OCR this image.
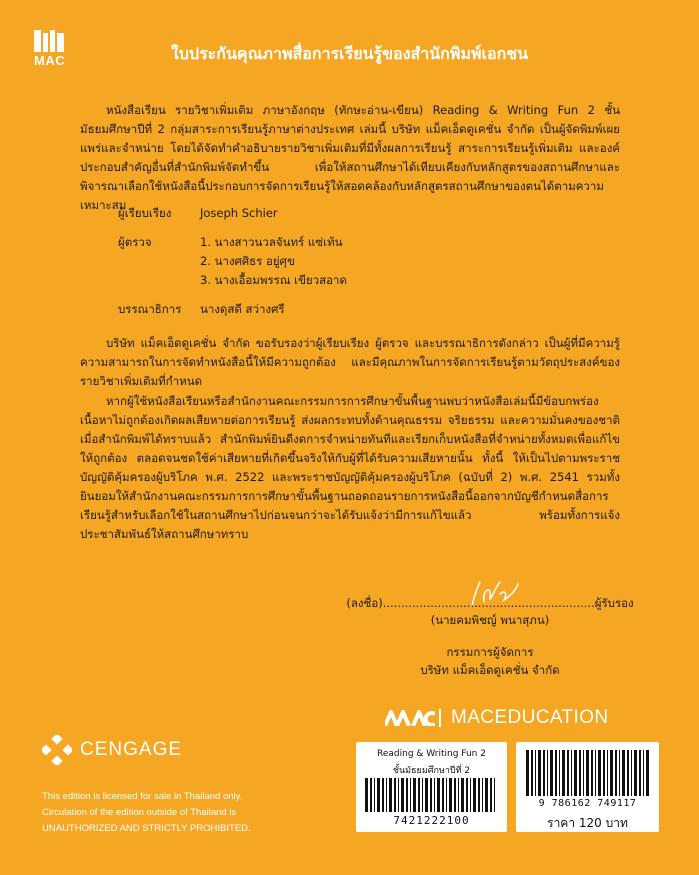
MAC	ใบประกันคุณภาพสื่อการเรียนรู้ของสำนักพิมพ์เอกชน
หนังสือเรียน รายวิชาเพิ่มเติม ภาษาอังกฤษ (ทักษะอ่าน-เขียน) Reading & Writing Fun 2 ชั้นมัธยมศึกษาปีที่ 2 กลุ่มสาระการเรียนรู้ภาษาต่างประเทศ เล่มนี้ บริษัท แม็คเอ็ดดูเคชั่น จำกัด เป็นผู้จัดพิมพ์เผยแพร่และจำหน่าย โดยได้จัดทำคำอธิบายรายวิชาเพิ่มเติมที่มีทั้งผลการเรียนรู้ สาระการเรียนรู้เพิ่มเติม และองค์ประกอบสำคัญอื่นที่สำนักพิมพ์จัดทำขึ้น เพื่อให้สถานศึกษาได้เทียบเคียงกับหลักสูตรของสถานศึกษาและพิจารณาเลือกใช้หนังสือนี้ประกอบการจัดการเรียนรู้ให้สอดคล้องกับหลักสูตรสถานศึกษาของตนได้ตามความเหมาะสม
ผู้เรียบเรียง	Joseph Schier
ผู้ตรวจ	1. นางสาวนวลจันทร์ แซ่เท้น
2. นางศศิธร อยู่ศุข
3. นางเอื้อมพรรณ เขียวสอาด
บรรณาธิการ	นางดุสดี สว่างศรี
บริษัท แม็คเอ็ดดูเคชั่น จำกัด ขอรับรองว่าผู้เรียบเรียง ผู้ตรวจ และบรรณาธิการดังกล่าว เป็นผู้ที่มีความรู้ความสามารถในการจัดทำหนังสือนี้ให้มีความถูกต้อง และมีคุณภาพในการจัดการเรียนรู้ตามวัตถุประสงค์ของรายวิชาเพิ่มเติมที่กำหนด
หากผู้ใช้หนังสือเรียนหรือสำนักงานคณะกรรมการการศึกษาขั้นพื้นฐานพบว่าหนังสือเล่มนี้มีข้อบกพร่อง เนื้อหาไม่ถูกต้องเกิดผลเสียหายต่อการเรียนรู้ ส่งผลกระทบทั้งด้านคุณธรรม จริยธรรม และความมั่นคงของชาติ เมื่อสำนักพิมพ์ได้ทราบแล้ว สำนักพิมพ์ยินดีงดการจำหน่ายทันทีและเรียกเก็บหนังสือที่จำหน่ายทั้งหมดเพื่อแก้ไขให้ถูกต้อง ตลอดจนชดใช้ค่าเสียหายที่เกิดขึ้นจริงให้กับผู้ที่ได้รับความเสียหายนั้น ทั้งนี้ ให้เป็นไปตามพระราชบัญญัติคุ้มครองผู้บริโภค พ.ศ. 2522 และพระราชบัญญัติคุ้มครองผู้บริโภค (ฉบับที่ 2) พ.ศ. 2541 รวมทั้งยินยอมให้สำนักงานคณะกรรมการการศึกษาขั้นพื้นฐานถอดถอนรายการหนังสือนี้ออกจากบัญชีกำหนดสื่อการเรียนรู้สำหรับเลือกใช้ในสถานศึกษาไปก่อนจนกว่าจะได้รับแจ้งว่ามีการแก้ไขแล้ว พร้อมทั้งการแจ้งประชาสัมพันธ์ให้สถานศึกษาทราบ
(ลงชื่อ)..........................................................ผู้รับรอง
(นายคมพิชญ์ พนาสุภน)
กรรมการผู้จัดการ
บริษัท แม็คเอ็ดดูเคชั่น จำกัด
MACEDUCATION
CENGAGE
This edition is licensed for sale in Thailand only.
Circulation of the edition outside of Thailand is
UNAUTHORIZED AND STRICTLY PROHIBITED.
Reading & Writing Fun 2
ชั้นมัธยมศึกษาปีที่ 2
7421222100
9 786162 749117
ราคา 120 บาท
